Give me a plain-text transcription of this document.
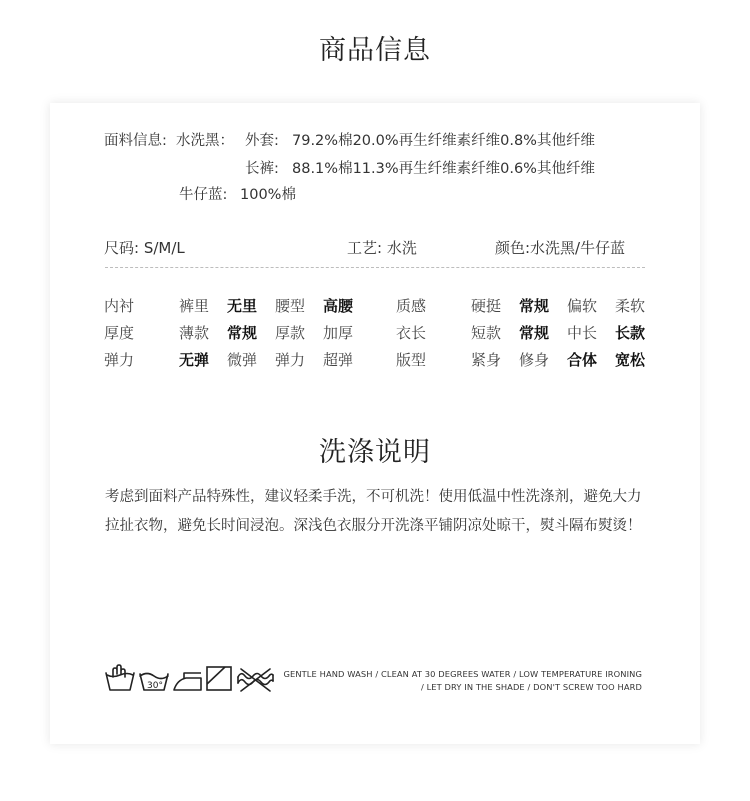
商品信息
面料信息: 水洗黑： 外套: 79.2%棉20.0%再生纤维素纤维0.8%其他纤维
长裤: 88.1%棉11.3%再生纤维素纤维0.6%其他纤维
牛仔蓝: 100%棉
尺码: S/M/L	工艺: 水洗	颜色:水洗黑/牛仔蓝
内衬	裤里 无里 腰型 高腰	质感	硬挺 常规 偏软 柔软
厚度	薄款 常规 厚款 加厚	衣长	短款 常规 中长 长款
弹力	无弹 微弹 弹力 超弹	版型	紧身 修身 合体 宽松
洗涤说明
考虑到面料产品特殊性，建议轻柔手洗，不可机洗！使用低温中性洗涤剂，避免大力拉扯衣物，避免长时间浸泡。深浅色衣服分开洗涤平铺阴凉处晾干，熨斗隔布熨烫！
30°
GENTLE HAND WASH / CLEAN AT 30 DEGREES WATER / LOW TEMPERATURE IRONING
/ LET DRY IN THE SHADE / DON'T SCREW TOO HARD
